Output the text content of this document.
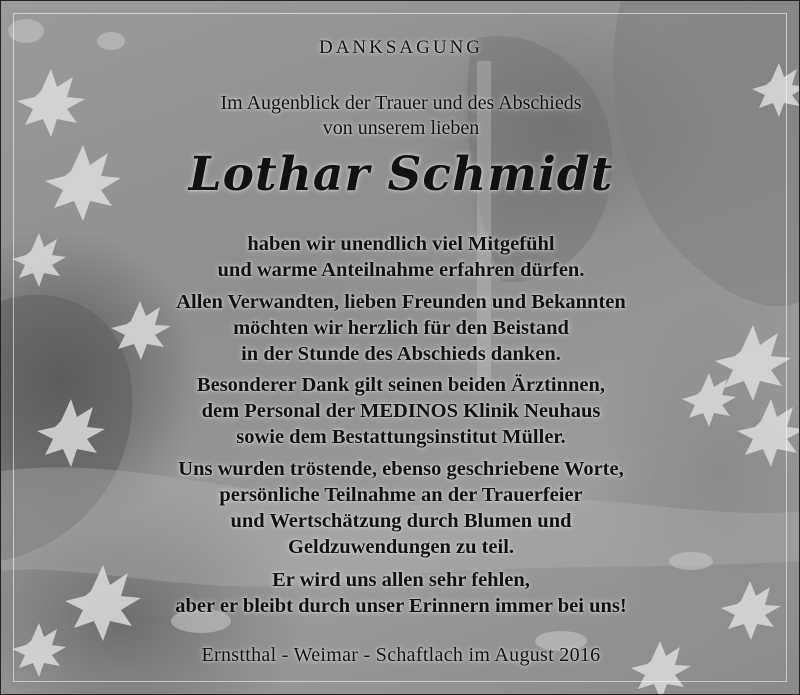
DANKSAGUNG
Im Augenblick der Trauer und des Abschieds
von unserem lieben
Lothar Schmidt
haben wir unendlich viel Mitgefühl
und warme Anteilnahme erfahren dürfen.
Allen Verwandten, lieben Freunden und Bekannten
möchten wir herzlich für den Beistand
in der Stunde des Abschieds danken.
Besonderer Dank gilt seinen beiden Ärztinnen,
dem Personal der MEDINOS Klinik Neuhaus
sowie dem Bestattungsinstitut Müller.
Uns wurden tröstende, ebenso geschriebene Worte,
persönliche Teilnahme an der Trauerfeier
und Wertschätzung durch Blumen und
Geldzuwendungen zu teil.
Er wird uns allen sehr fehlen,
aber er bleibt durch unser Erinnern immer bei uns!
Ernstthal - Weimar - Schaftlach im August 2016
